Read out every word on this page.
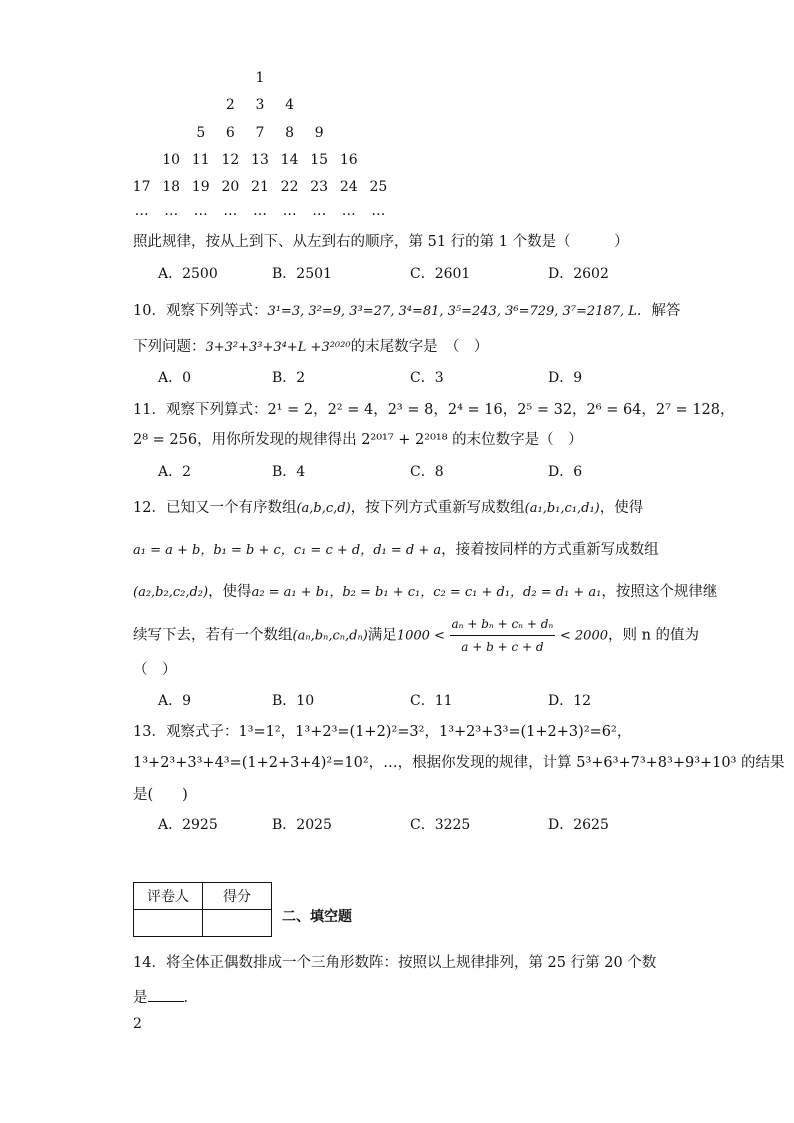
1
2	3	4
5	6	7	8	9
10 11 12 13 14 15 16
17 18 19 20 21 22 23 24 25
…	…	…	…	…	…	…	…	…
照此规律，按从上到下、从左到右的顺序，第 51 行的第 1 个数是（　　　）
A．2500	B．2501	C．2601	D．2602
10．观察下列等式：3¹=3, 3²=9, 3³=27, 3⁴=81, 3⁵=243, 3⁶=729, 3⁷=2187, L．解答
下列问题：3+3²+3³+3⁴+L +3²⁰²⁰的末尾数字是　（　）
A．0	B．2	C．3	D．9
11．观察下列算式：2¹ = 2，2² = 4，2³ = 8，2⁴ = 16，2⁵ = 32，2⁶ = 64，2⁷ = 128，
2⁸ = 256，用你所发现的规律得出 2²⁰¹⁷ + 2²⁰¹⁸ 的末位数字是（　）
A．2	B．4	C．8	D．6
12．已知又一个有序数组(a,b,c,d)，按下列方式重新写成数组(a₁,b₁,c₁,d₁)，使得
a₁ = a + b，b₁ = b + c，c₁ = c + d，d₁ = d + a，接着按同样的方式重新写成数组
(a₂,b₂,c₂,d₂)，使得a₂ = a₁ + b₁，b₂ = b₁ + c₁，c₂ = c₁ + d₁，d₂ = d₁ + a₁，按照这个规律继
续写下去，若有一个数组(aₙ,bₙ,cₙ,dₙ)满足$1000 < \frac{\text{aₙ + bₙ + cₙ + dₙ}}{a + b + c + d} < 2000$，则 n 的值为
（　）
A．9	B．10	C．11	D．12
13．观察式子：1³=1²，1³+2³=(1+2)²=3²，1³+2³+3³=(1+2+3)²=6²，
1³+2³+3³+4³=(1+2+3+4)²=10²，…，根据你发现的规律，计算 5³+6³+7³+8³+9³+10³ 的结果
是(　　)
A．2925	B．2025	C．3225	D．2625
评卷人	得分

二、填空题
14．将全体正偶数排成一个三角形数阵：按照以上规律排列，第 25 行第 20 个数
是 ．
2
